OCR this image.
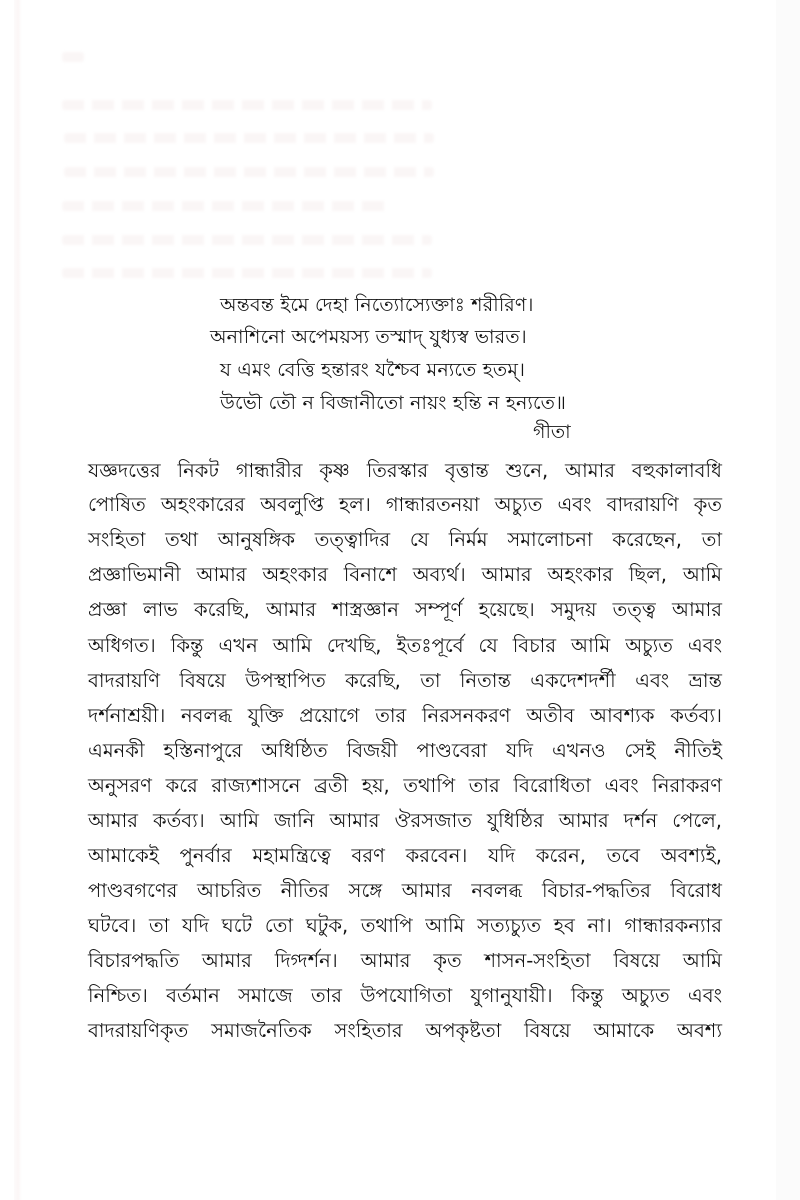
অন্তবন্ত ইমে দেহা নিত্যোস্যেক্তাঃ শরীরিণ।
অনাশিনো অপেময়স্য তস্মাদ্ যুধ্যস্ব ভারত।
য এমং বেত্তি হন্তারং যশ্চৈব মন্যতে হতম্।
উভৌ তৌ ন বিজানীতো নায়ং হন্তি ন হন্যতে॥
গীতা
যজ্ঞদত্তের নিকট গান্ধারীর কৃষ্ণ তিরস্কার বৃত্তান্ত শুনে, আমার বহুকালাবধি
পোষিত অহংকারের অবলুপ্তি হল। গান্ধারতনয়া অচ্যুত এবং বাদরায়ণি কৃত
সংহিতা তথা আনুষঙ্গিক তত্ত্বাদির যে নির্মম সমালোচনা করেছেন, তা
প্রজ্ঞাভিমানী আমার অহংকার বিনাশে অব্যর্থ। আমার অহংকার ছিল, আমি
প্রজ্ঞা লাভ করেছি, আমার শাস্ত্রজ্ঞান সম্পূর্ণ হয়েছে। সমুদয় তত্ত্ব আমার
অধিগত। কিন্তু এখন আমি দেখছি, ইতঃপূর্বে যে বিচার আমি অচ্যুত এবং
বাদরায়ণি বিষয়ে উপস্থাপিত করেছি, তা নিতান্ত একদেশদর্শী এবং ভ্রান্ত
দর্শনাশ্রয়ী। নবলব্ধ যুক্তি প্রয়োগে তার নিরসনকরণ অতীব আবশ্যক কর্তব্য।
এমনকী হস্তিনাপুরে অধিষ্ঠিত বিজয়ী পাণ্ডবেরা যদি এখনও সেই নীতিই
অনুসরণ করে রাজ্যশাসনে ব্রতী হয়, তথাপি তার বিরোধিতা এবং নিরাকরণ
আমার কর্তব্য। আমি জানি আমার ঔরসজাত যুধিষ্ঠির আমার দর্শন পেলে,
আমাকেই পুনর্বার মহামন্ত্রিত্বে বরণ করবেন। যদি করেন, তবে অবশ্যই,
পাণ্ডবগণের আচরিত নীতির সঙ্গে আমার নবলব্ধ বিচার-পদ্ধতির বিরোধ
ঘটবে। তা যদি ঘটে তো ঘটুক, তথাপি আমি সত্যচ্যুত হব না। গান্ধারকন্যার
বিচারপদ্ধতি আমার দিগ্দর্শন। আমার কৃত শাসন-সংহিতা বিষয়ে আমি
নিশ্চিত। বর্তমান সমাজে তার উপযোগিতা যুগানুযায়ী। কিন্তু অচ্যুত এবং
বাদরায়ণিকৃত সমাজনৈতিক সংহিতার অপকৃষ্টতা বিষয়ে আমাকে অবশ্য
